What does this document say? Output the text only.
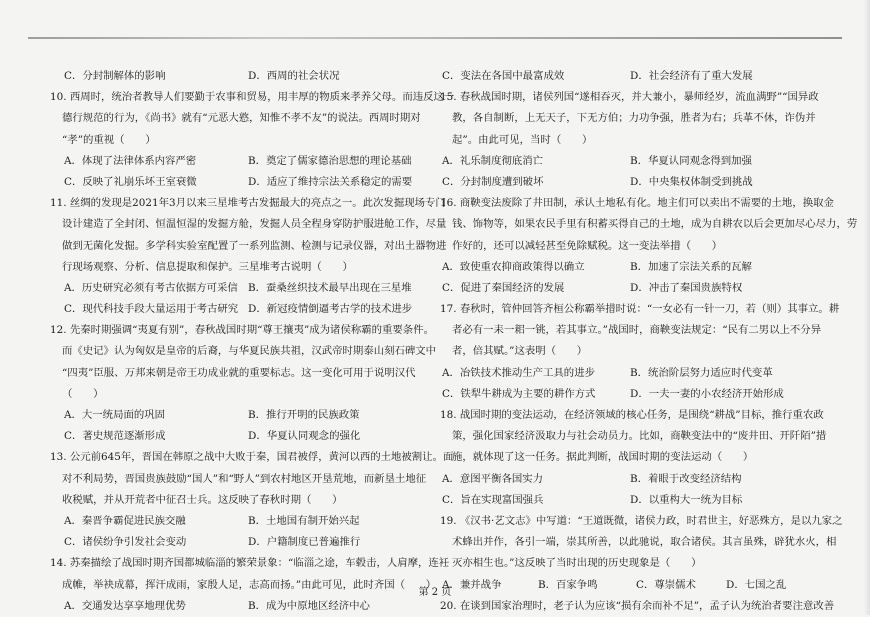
C．分封制解体的影响	D．西周的社会状况
10. 西周时，统治者教导人们要勤于农事和贸易，用丰厚的物质来孝养父母。而违反这一
德行规范的行为，《尚书》就有“元恶大憝，知惟不孝不友”的说法。西周时期对
“孝”的重视（　　）
A．体现了法律体系内容严密	B．奠定了儒家德治思想的理论基础
C．反映了礼崩乐坏王室衰微	D．适应了维持宗法关系稳定的需要
11. 丝绸的发现是2021年3月以来三星堆考古发掘最大的亮点之一。此次发掘现场专门
设计建造了全封闭、恒温恒湿的发掘方舱，发掘人员全程身穿防护服进舱工作，尽量
做到无菌化发掘。多学科实验室配置了一系列监测、检测与记录仪器，对出土器物进
行现场观察、分析、信息提取和保护。三星堆考古说明（　　）
A．历史研究必须有考古依据方可采信 B．蚕桑丝织技术最早出现在三星堆
C．现代科技手段大量运用于考古研究 D．新冠疫情倒逼考古学的技术进步
12. 先秦时期强调“夷夏有别”，春秋战国时期“尊王攘夷”成为诸侯称霸的重要条件。
而《史记》认为匈奴是皇帝的后裔，与华夏民族共祖，汉武帝时期泰山刻石碑文中
“四夷”臣服、万邦来朝是帝王功成业就的重要标志。这一变化可用于说明汉代
（　　）
A．大一统局面的巩固	B．推行开明的民族政策
C．著史规范逐渐形成	D．华夏认同观念的强化
13. 公元前645年，晋国在韩原之战中大败于秦，国君被俘，黄河以西的土地被割让。面
对不利局势，晋国贵族鼓励“国人”和“野人”到农村地区开垦荒地，而新垦土地征
收税赋，并从开荒者中征召士兵。这反映了春秋时期（　　）
A．秦晋争霸促进民族交融	B．土地国有制开始兴起
C．诸侯纷争引发社会变动	D．户籍制度已普遍推行
14. 苏秦描绘了战国时期齐国都城临淄的繁荣景象：“临淄之途，车毂击，人肩摩，连衽
成帷，举袂成幕，挥汗成雨，家殷人足，志高而扬。”由此可见，此时齐国（　　）
A．交通发达享享地理优势	B．成为中原地区经济中心
C．变法在各国中最富成效	D．社会经济有了重大发展
15. 春秋战国时期，诸侯列国“遂相吞灭，并大兼小，暴师经岁，流血满野”“国异政
教，各自制断，上无天子，下无方伯；力功争强，胜者为右；兵革不休，诈伪并
起”。由此可见，当时（　　）
A．礼乐制度彻底消亡	B．华夏认同观念得到加强
C．分封制度遭到破坏	D．中央集权体制受到挑战
16. 商鞅变法废除了井田制，承认土地私有化。地主们可以卖出不需要的土地，换取金
钱、饰物等，如果农民手里有积蓄买得自己的土地，成为自耕农以后会更加尽心尽力，劳
作好的，还可以减轻甚至免除赋税。这一变法举措（　　）
A．致使重农抑商政策得以确立	B．加速了宗法关系的瓦解
C．促进了秦国经济的发展	D．冲击了秦国贵族特权
17. 春秋时，管仲回答齐桓公称霸举措时说：“一女必有一针一刀，若（则）其事立。耕
者必有一耒一耜一铫，若其事立。”战国时，商鞅变法规定：“民有二男以上不分异
者，倍其赋。”这表明（　　）
A．冶铁技术推动生产工具的进步	B．统治阶层努力适应时代变革
C．铁犁牛耕成为主要的耕作方式	D．一夫一妻的小农经济开始形成
18. 战国时期的变法运动，在经济领域的核心任务，是围绕“耕战”目标，推行重农政
策，强化国家经济汲取力与社会动员力。比如，商鞅变法中的“废井田、开阡陌”措
施，就体现了这一任务。据此判断，战国时期的变法运动（　　）
A．意图平衡各国实力	B．着眼于改变经济结构
C．旨在实现富国强兵	D．以重构大一统为目标
19. 《汉书·艺文志》中写道：“王道既微，诸侯力政，时君世主，好恶殊方，是以九家之
术蜂出并作，各引一端，崇其所善，以此驰说，取合诸侯。其言虽殊，辟犹水火，相
灭亦相生也。”这反映了当时出现的历史现象是（　　）
A．兼并战争	B．百家争鸣	C．尊崇儒术	D．七国之乱
20. 在谈到国家治理时，老子认为应该“损有余而补不足”，孟子认为统治者要注意改善
第 2 页
